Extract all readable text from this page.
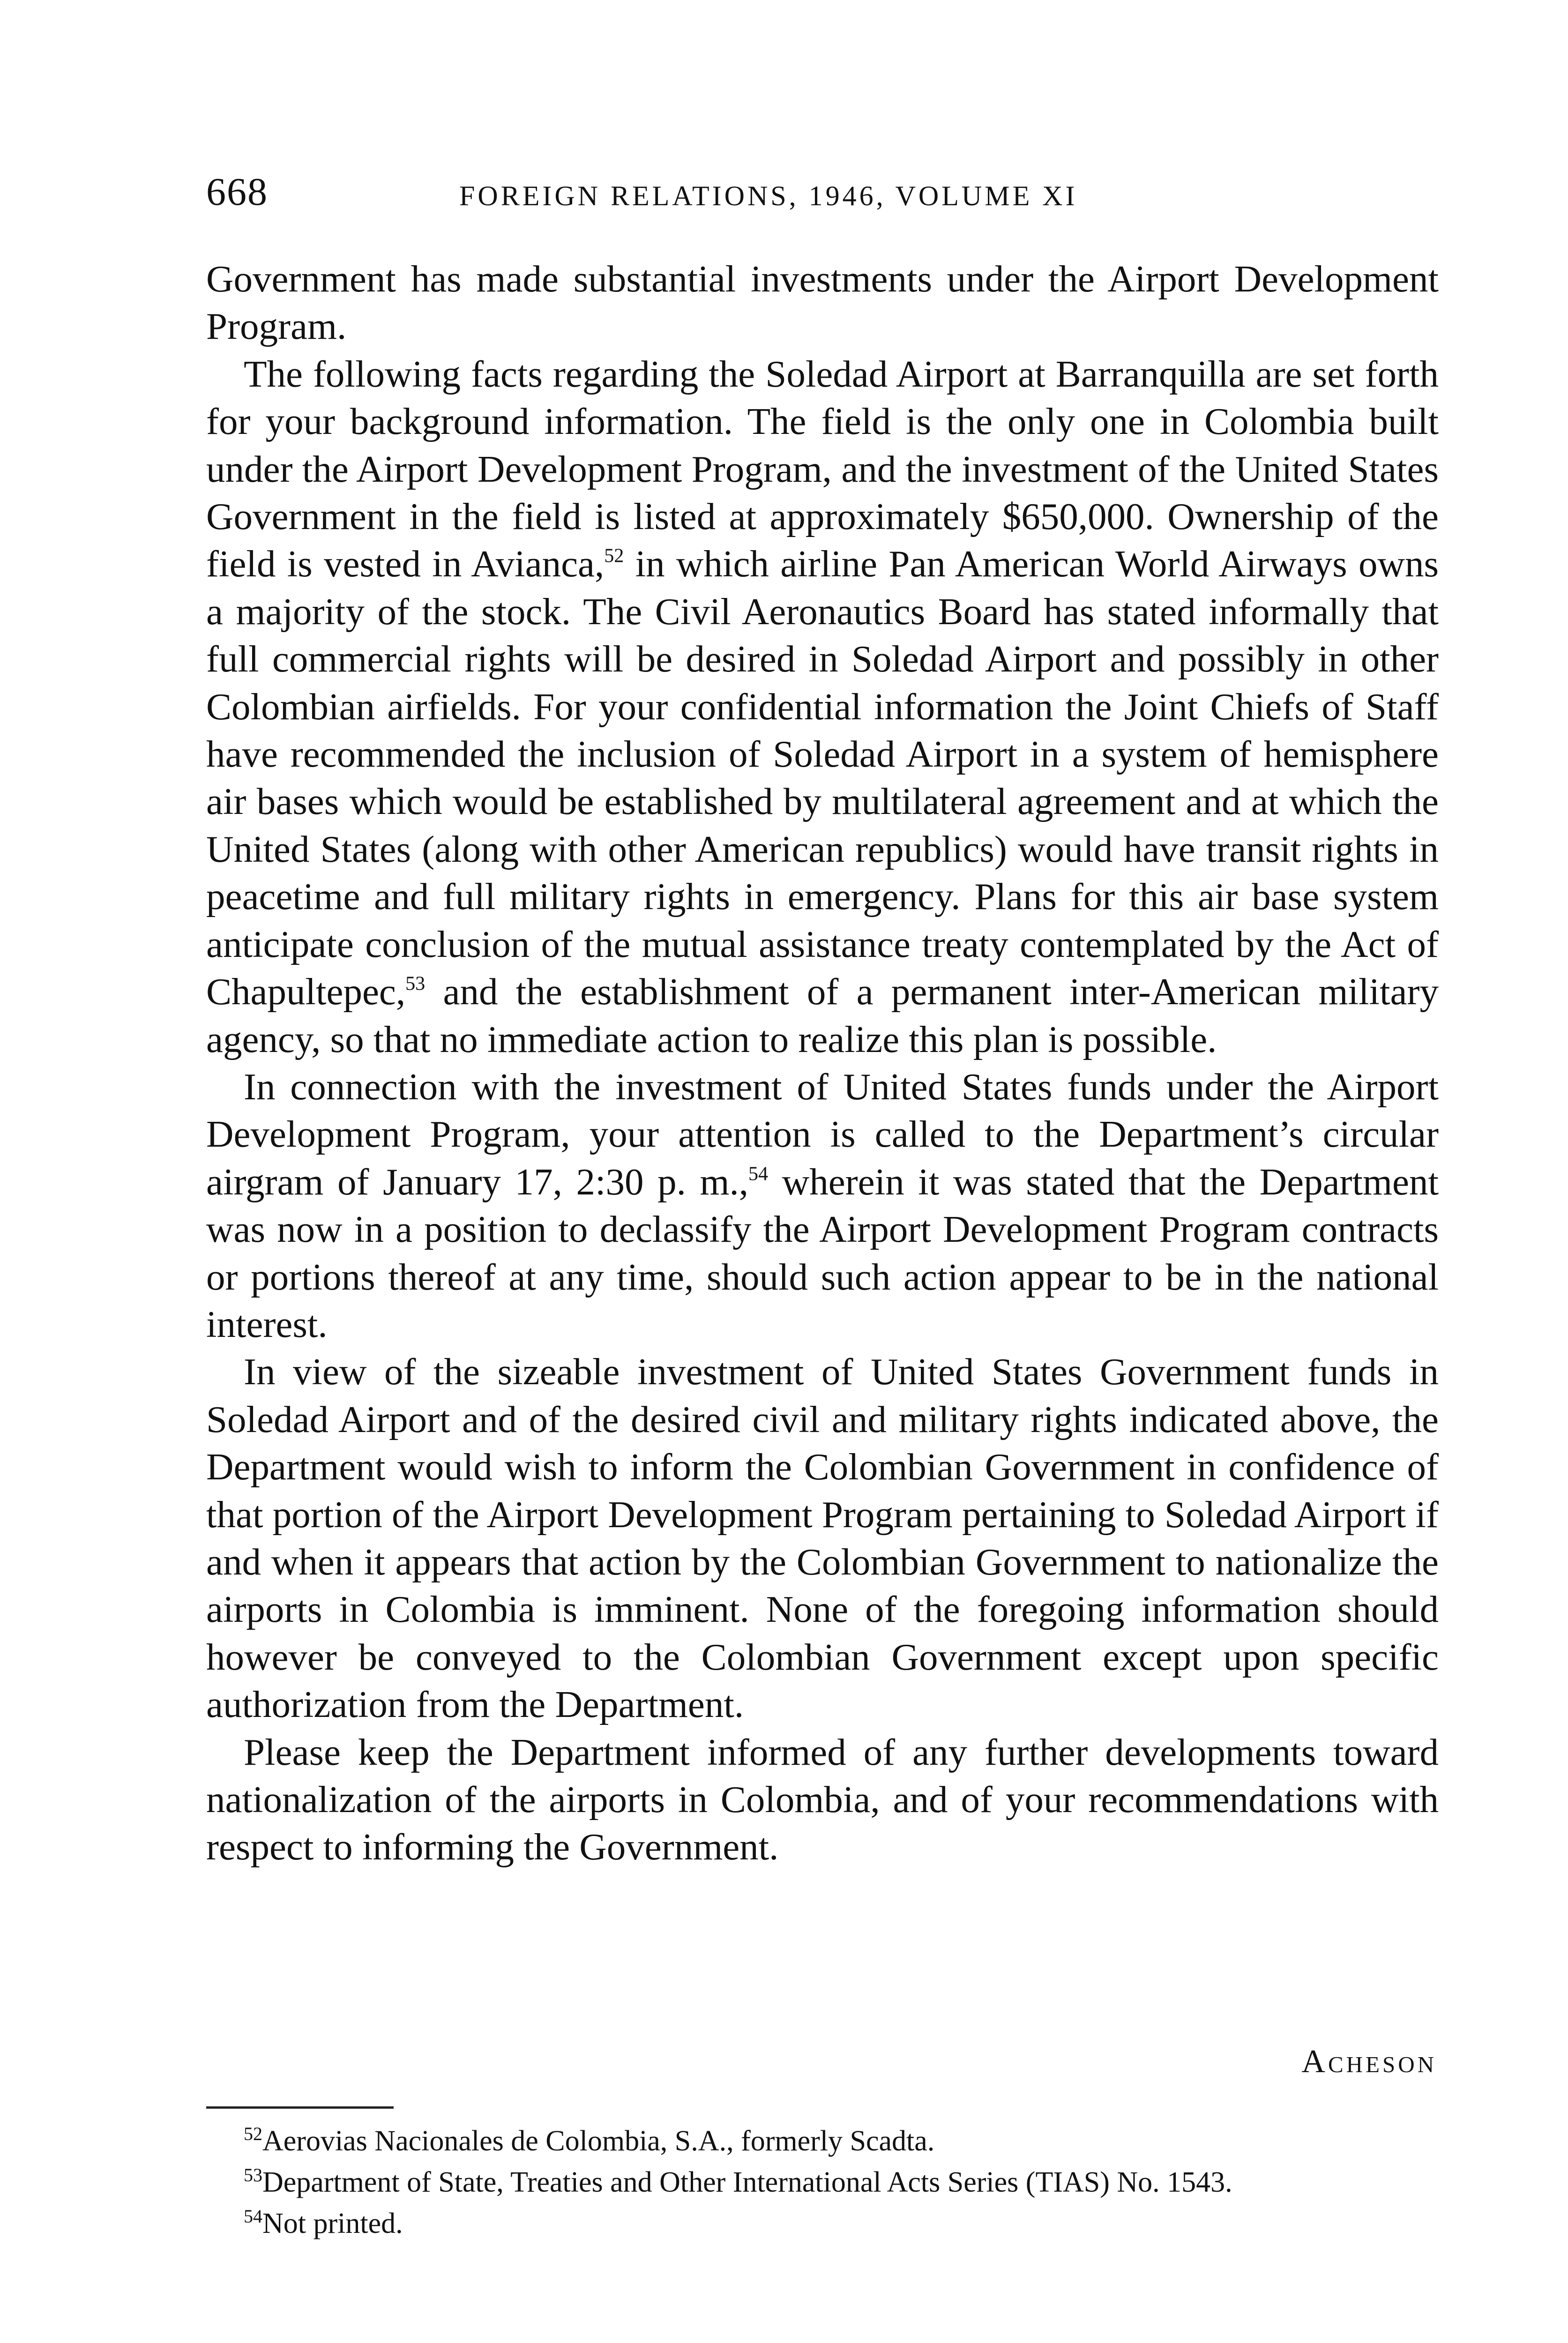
668	FOREIGN RELATIONS, 1946, VOLUME XI

Government has made substantial investments under the Airport Development Program.

The following facts regarding the Soledad Airport at Barranquilla are set forth for your background information. The field is the only one in Colombia built under the Airport Development Program, and the investment of the United States Government in the field is listed at approximately $650,000. Ownership of the field is vested in Avianca,$^{52}$ in which airline Pan American World Airways owns a majority of the stock. The Civil Aeronautics Board has stated informally that full commercial rights will be desired in Soledad Airport and possibly in other Colombian airfields. For your confidential information the Joint Chiefs of Staff have recommended the inclusion of Soledad Airport in a system of hemisphere air bases which would be established by multilateral agreement and at which the United States (along with other American republics) would have transit rights in peacetime and full military rights in emergency. Plans for this air base system anticipate conclusion of the mutual assistance treaty contemplated by the Act of Chapultepec,$^{53}$ and the establishment of a permanent inter-American military agency, so that no immediate action to realize this plan is possible.

In connection with the investment of United States funds under the Airport Development Program, your attention is called to the Department’s circular airgram of January 17, 2:30 p. m.,$^{54}$ wherein it was stated that the Department was now in a position to declassify the Airport Development Program contracts or portions thereof at any time, should such action appear to be in the national interest.

In view of the sizeable investment of United States Government funds in Soledad Airport and of the desired civil and military rights indicated above, the Department would wish to inform the Colombian Government in confidence of that portion of the Airport Development Program pertaining to Soledad Airport if and when it appears that action by the Colombian Government to nationalize the airports in Colombia is imminent. None of the foregoing information should however be conveyed to the Colombian Government except upon specific authorization from the Department.

Please keep the Department informed of any further developments toward nationalization of the airports in Colombia, and of your recommendations with respect to informing the Government.

Acheson

$^{52}$Aerovias Nacionales de Colombia, S.A., formerly Scadta.

$^{53}$Department of State, Treaties and Other International Acts Series (TIAS) No. 1543.

$^{54}$Not printed.
